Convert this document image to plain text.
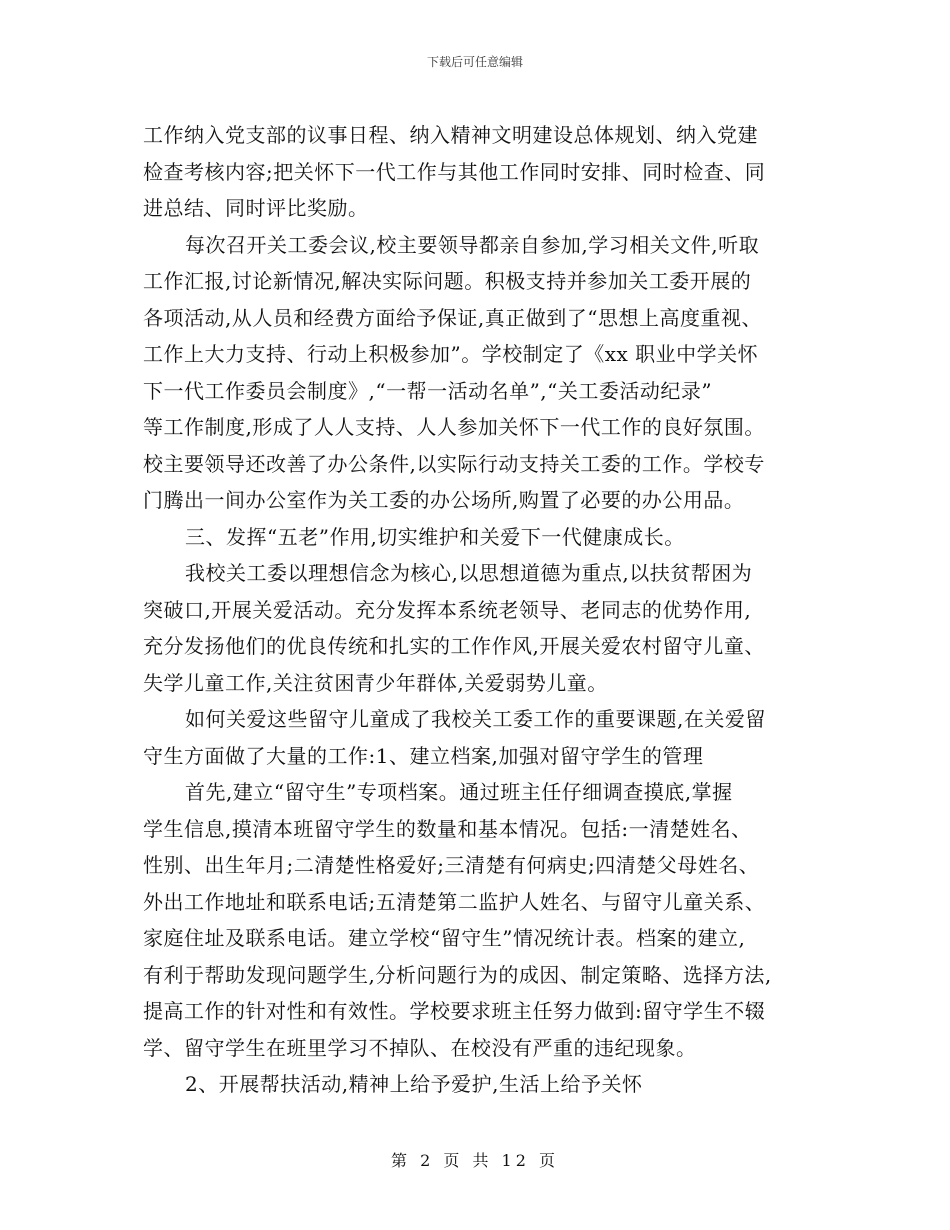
下载后可任意编辑
工作纳入党支部的议事日程、纳入精神文明建设总体规划、纳入党建
检查考核内容;把关怀下一代工作与其他工作同时安排、同时检查、同
进总结、同时评比奖励。
每次召开关工委会议,校主要领导都亲自参加,学习相关文件,听取
工作汇报,讨论新情况,解决实际问题。积极支持并参加关工委开展的
各项活动,从人员和经费方面给予保证,真正做到了“思想上高度重视、
工作上大力支持、行动上积极参加”。学校制定了《xx 职业中学关怀
下一代工作委员会制度》,“一帮一活动名单”,“关工委活动纪录”
等工作制度,形成了人人支持、人人参加关怀下一代工作的良好氛围。
校主要领导还改善了办公条件,以实际行动支持关工委的工作。学校专
门腾出一间办公室作为关工委的办公场所,购置了必要的办公用品。
三、发挥“五老”作用,切实维护和关爱下一代健康成长。
我校关工委以理想信念为核心,以思想道德为重点,以扶贫帮困为
突破口,开展关爱活动。充分发挥本系统老领导、老同志的优势作用,
充分发扬他们的优良传统和扎实的工作作风,开展关爱农村留守儿童、
失学儿童工作,关注贫困青少年群体,关爱弱势儿童。
如何关爱这些留守儿童成了我校关工委工作的重要课题,在关爱留
守生方面做了大量的工作:1、建立档案,加强对留守学生的管理
首先,建立“留守生”专项档案。通过班主任仔细调查摸底,掌握
学生信息,摸清本班留守学生的数量和基本情况。包括:一清楚姓名、
性别、出生年月;二清楚性格爱好;三清楚有何病史;四清楚父母姓名、
外出工作地址和联系电话;五清楚第二监护人姓名、与留守儿童关系、
家庭住址及联系电话。建立学校“留守生”情况统计表。档案的建立,
有利于帮助发现问题学生,分析问题行为的成因、制定策略、选择方法,
提高工作的针对性和有效性。学校要求班主任努力做到:留守学生不辍
学、留守学生在班里学习不掉队、在校没有严重的违纪现象。
2、开展帮扶活动,精神上给予爱护,生活上给予关怀
第 2 页 共 12 页
